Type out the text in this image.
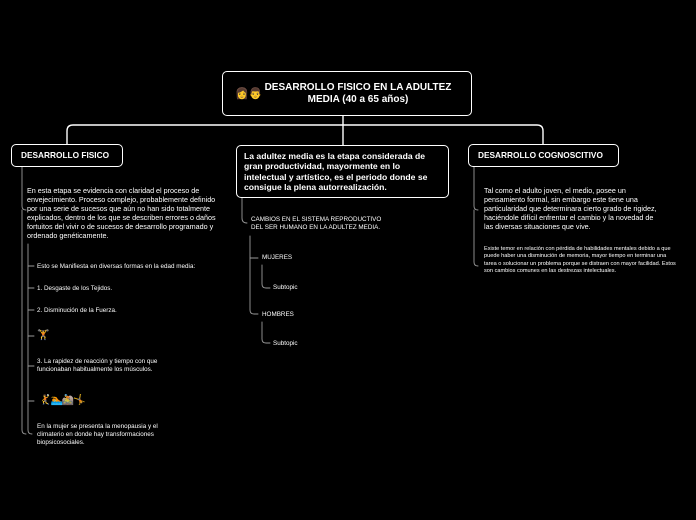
👩👨
DESARROLLO FISICO EN LA ADULTEZ MEDIA (40 a 65 años)
DESARROLLO FISICO	La adultez media es la etapa considerada de gran productividad, mayormente en lo intelectual y artístico, es el periodo donde se consigue la plena autorrealización.
DESARROLLO COGNOSCITIVO
En esta etapa se evidencia con claridad el proceso de envejecimiento. Proceso complejo, probablemente definido por una serie de sucesos que aún no han sido totalmente explicados, dentro de los que se describen errores o daños fortuitos del vivir o de sucesos de desarrollo programado y ordenado genéticamente.
Esto se Manifiesta en diversas formas en la edad media:
1. Desgaste de los Tejidos.
2. Disminución de la Fuerza.
🏋
3. La rapidez de reacción y tiempo con que funcionaban habitualmente los músculos.
🤾🏊🚵🤸
En la mujer se presenta la menopausia y el climaterio en donde hay transformaciones biopsicosociales.
CAMBIOS EN EL SISTEMA REPRODUCTIVO DEL SER HUMANO EN LA ADULTEZ MEDIA.
MUJERES
Subtopic
HOMBRES
Subtopic
Tal como el adulto joven, el medio, posee un pensamiento formal, sin embargo este tiene una particularidad que determinara cierto grado de rigidez, haciéndole difícil enfrentar el cambio y la novedad de las diversas situaciones que vive.
Existe temor en relación con pérdida de habilidades mentales debido a que puede haber una disminución de memoria, mayor tiempo en terminar una tarea o solucionar un problema porque se distraen con mayor facilidad. Estos son cambios comunes en las destrezas intelectuales.
